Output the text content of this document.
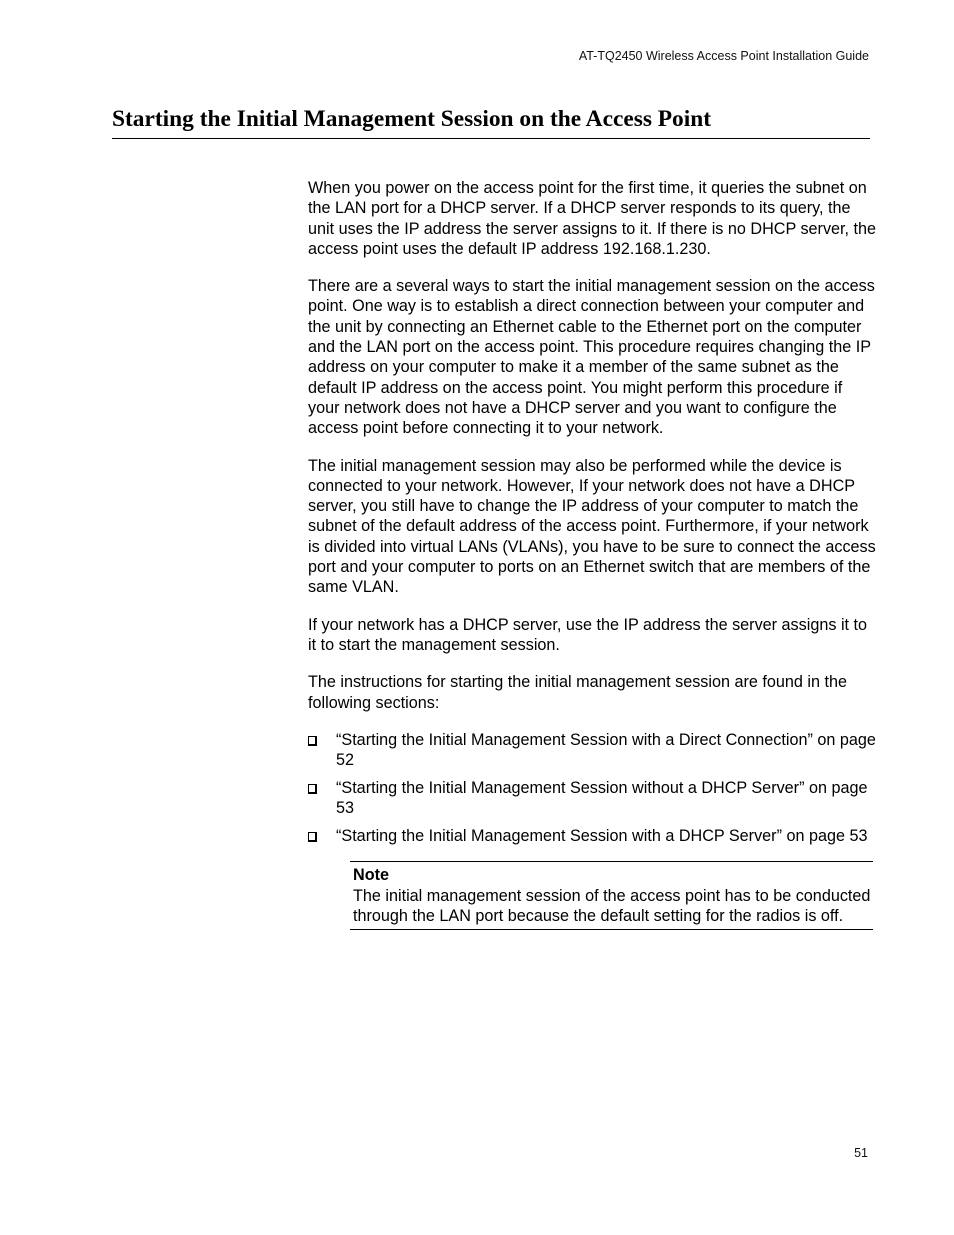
AT-TQ2450 Wireless Access Point Installation Guide
Starting the Initial Management Session on the Access Point

When you power on the access point for the first time, it queries the subnet on the LAN port for a DHCP server. If a DHCP server responds to its query, the unit uses the IP address the server assigns to it. If there is no DHCP server, the access point uses the default IP address 192.168.1.230.

There are a several ways to start the initial management session on the access point. One way is to establish a direct connection between your computer and the unit by connecting an Ethernet cable to the Ethernet port on the computer and the LAN port on the access point. This procedure requires changing the IP address on your computer to make it a member of the same subnet as the default IP address on the access point. You might perform this procedure if your network does not have a DHCP server and you want to configure the access point before connecting it to your network.

The initial management session may also be performed while the device is connected to your network. However, If your network does not have a DHCP server, you still have to change the IP address of your computer to match the subnet of the default address of the access point. Furthermore, if your network is divided into virtual LANs (VLANs), you have to be sure to connect the access port and your computer to ports on an Ethernet switch that are members of the same VLAN.

If your network has a DHCP server, use the IP address the server assigns it to it to start the management session.

The instructions for starting the initial management session are found in the following sections:

“Starting the Initial Management Session with a Direct Connection” on page 52
“Starting the Initial Management Session without a DHCP Server” on page 53
“Starting the Initial Management Session with a DHCP Server” on page 53
Note
The initial management session of the access point has to be conducted through the LAN port because the default setting for the radios is off.
51
